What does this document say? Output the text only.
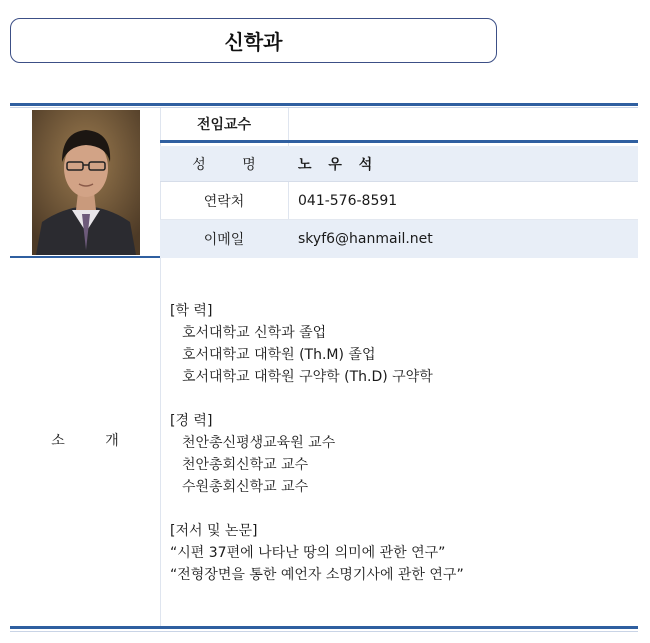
신학과
전임교수
성 명	노 우 석
연락처	041-576-8591
이메일	skyf6@hanmail.net
소 개
[학 력]
호서대학교 신학과 졸업
호서대학교 대학원 (Th.M) 졸업
호서대학교 대학원 구약학 (Th.D) 구약학
[경 력]
천안총신평생교육원 교수
천안총회신학교 교수
수원총회신학교 교수
[저서 및 논문]
“시편 37편에 나타난 땅의 의미에 관한 연구”
“전형장면을 통한 예언자 소명기사에 관한 연구”
